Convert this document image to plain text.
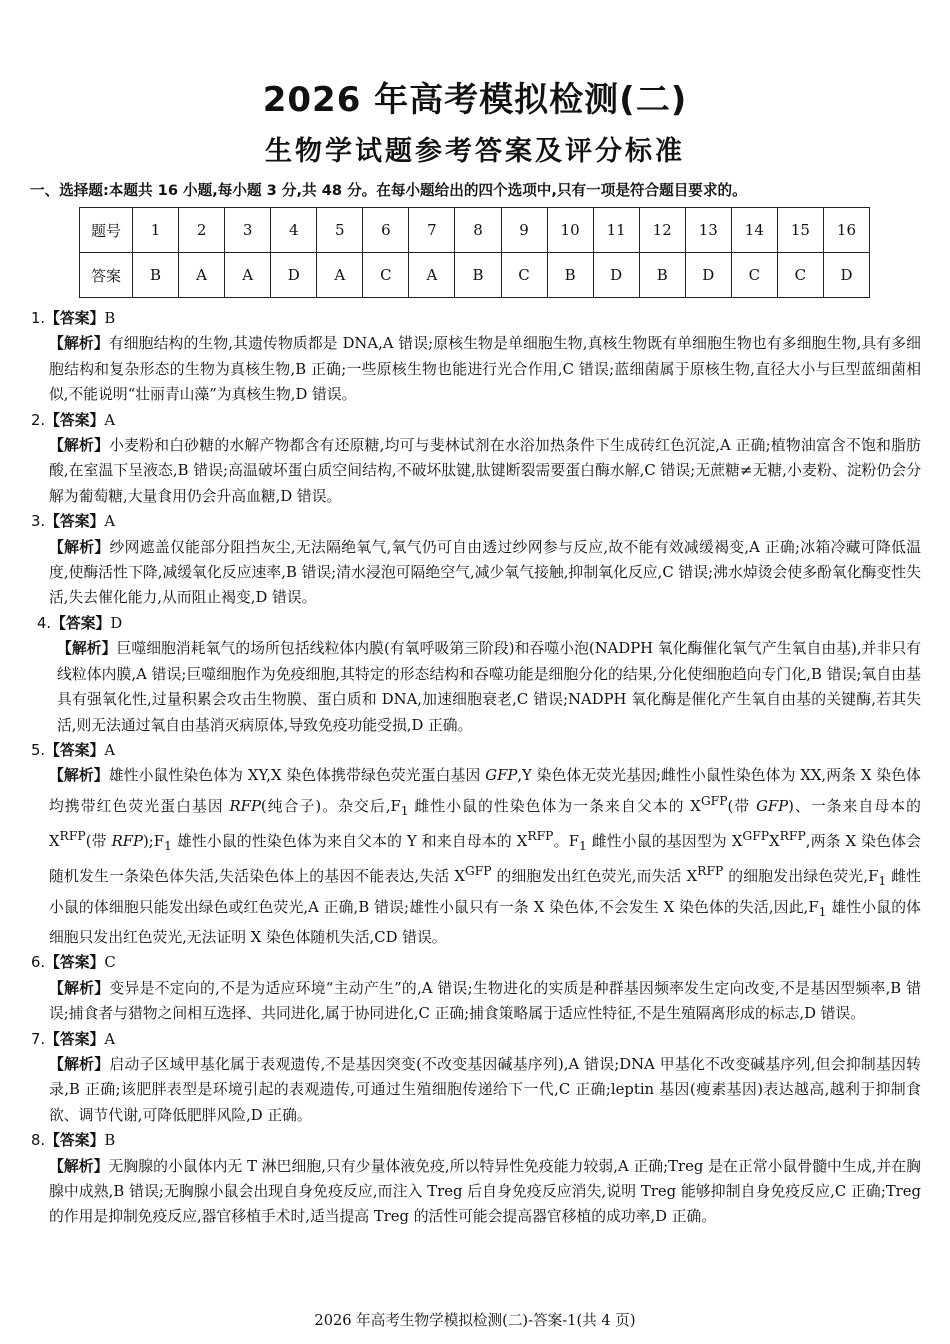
2026 年高考模拟检测(二)
生物学试题参考答案及评分标准
一、选择题:本题共 16 小题,每小题 3 分,共 48 分。在每小题给出的四个选项中,只有一项是符合题目要求的。
题号	1	2	3	4	5	6	7	8	9	10	11	12	13	14	15	16
答案	B	A	A	D	A	C	A	B	C	B	D	B	D	C	C	D
1.【答案】B
【解析】有细胞结构的生物,其遗传物质都是 DNA,A 错误;原核生物是单细胞生物,真核生物既有单细胞生物也有多细胞生物,具有多细胞结构和复杂形态的生物为真核生物,B 正确;一些原核生物也能进行光合作用,C 错误;蓝细菌属于原核生物,直径大小与巨型蓝细菌相似,不能说明“壮丽青山藻”为真核生物,D 错误。
2.【答案】A
【解析】小麦粉和白砂糖的水解产物都含有还原糖,均可与斐林试剂在水浴加热条件下生成砖红色沉淀,A 正确;植物油富含不饱和脂肪酸,在室温下呈液态,B 错误;高温破坏蛋白质空间结构,不破坏肽键,肽键断裂需要蛋白酶水解,C 错误;无蔗糖≠无糖,小麦粉、淀粉仍会分解为葡萄糖,大量食用仍会升高血糖,D 错误。
3.【答案】A
【解析】纱网遮盖仅能部分阻挡灰尘,无法隔绝氧气,氧气仍可自由透过纱网参与反应,故不能有效减缓褐变,A 正确;冰箱冷藏可降低温度,使酶活性下降,减缓氧化反应速率,B 错误;清水浸泡可隔绝空气,减少氧气接触,抑制氧化反应,C 错误;沸水焯烫会使多酚氧化酶变性失活,失去催化能力,从而阻止褐变,D 错误。
4.【答案】D
【解析】巨噬细胞消耗氧气的场所包括线粒体内膜(有氧呼吸第三阶段)和吞噬小泡(NADPH 氧化酶催化氧气产生氧自由基),并非只有线粒体内膜,A 错误;巨噬细胞作为免疫细胞,其特定的形态结构和吞噬功能是细胞分化的结果,分化使细胞趋向专门化,B 错误;氧自由基具有强氧化性,过量积累会攻击生物膜、蛋白质和 DNA,加速细胞衰老,C 错误;NADPH 氧化酶是催化产生氧自由基的关键酶,若其失活,则无法通过氧自由基消灭病原体,导致免疫功能受损,D 正确。
5.【答案】A
【解析】雄性小鼠性染色体为 XY,X 染色体携带绿色荧光蛋白基因 GFP,Y 染色体无荧光基因;雌性小鼠性染色体为 XX,两条 X 染色体均携带红色荧光蛋白基因 RFP(纯合子)。杂交后$,F_1$ 雌性小鼠的性染色体为一条来自父本的 $X^{GFP}$(带 GFP)、一条来自母本的 $X^{RFP}$(带 $RFP);F_1$ 雄性小鼠的性染色体为来自父本的 Y 和来自母本的 $X^{RFP}$。$F_1$ 雌性小鼠的基因型为 $X^{GFP}X^{RFP}$,两条 X 染色体会随机发生一条染色体失活,失活染色体上的基因不能表达,失活 $X^{GFP}$ 的细胞发出红色荧光,而失活 $X^{RFP}$ 的细胞发出绿色荧光$,F_1$ 雌性小鼠的体细胞只能发出绿色或红色荧光,A 正确,B 错误;雄性小鼠只有一条 X 染色体,不会发生 X 染色体的失活,因此$,F_1$ 雄性小鼠的体细胞只发出红色荧光,无法证明 X 染色体随机失活,CD 错误。
6.【答案】C
【解析】变异是不定向的,不是为适应环境“主动产生”的,A 错误;生物进化的实质是种群基因频率发生定向改变,不是基因型频率,B 错误;捕食者与猎物之间相互选择、共同进化,属于协同进化,C 正确;捕食策略属于适应性特征,不是生殖隔离形成的标志,D 错误。
7.【答案】A
【解析】启动子区域甲基化属于表观遗传,不是基因突变(不改变基因碱基序列),A 错误;DNA 甲基化不改变碱基序列,但会抑制基因转录,B 正确;该肥胖表型是环境引起的表观遗传,可通过生殖细胞传递给下一代,C 正确;leptin 基因(瘦素基因)表达越高,越利于抑制食欲、调节代谢,可降低肥胖风险,D 正确。
8.【答案】B
【解析】无胸腺的小鼠体内无 T 淋巴细胞,只有少量体液免疫,所以特异性免疫能力较弱,A 正确;Treg 是在正常小鼠骨髓中生成,并在胸腺中成熟,B 错误;无胸腺小鼠会出现自身免疫反应,而注入 Treg 后自身免疫反应消失,说明 Treg 能够抑制自身免疫反应,C 正确;Treg 的作用是抑制免疫反应,器官移植手术时,适当提高 Treg 的活性可能会提高器官移植的成功率,D 正确。
2026 年高考生物学模拟检测(二)-答案-1(共 4 页)
